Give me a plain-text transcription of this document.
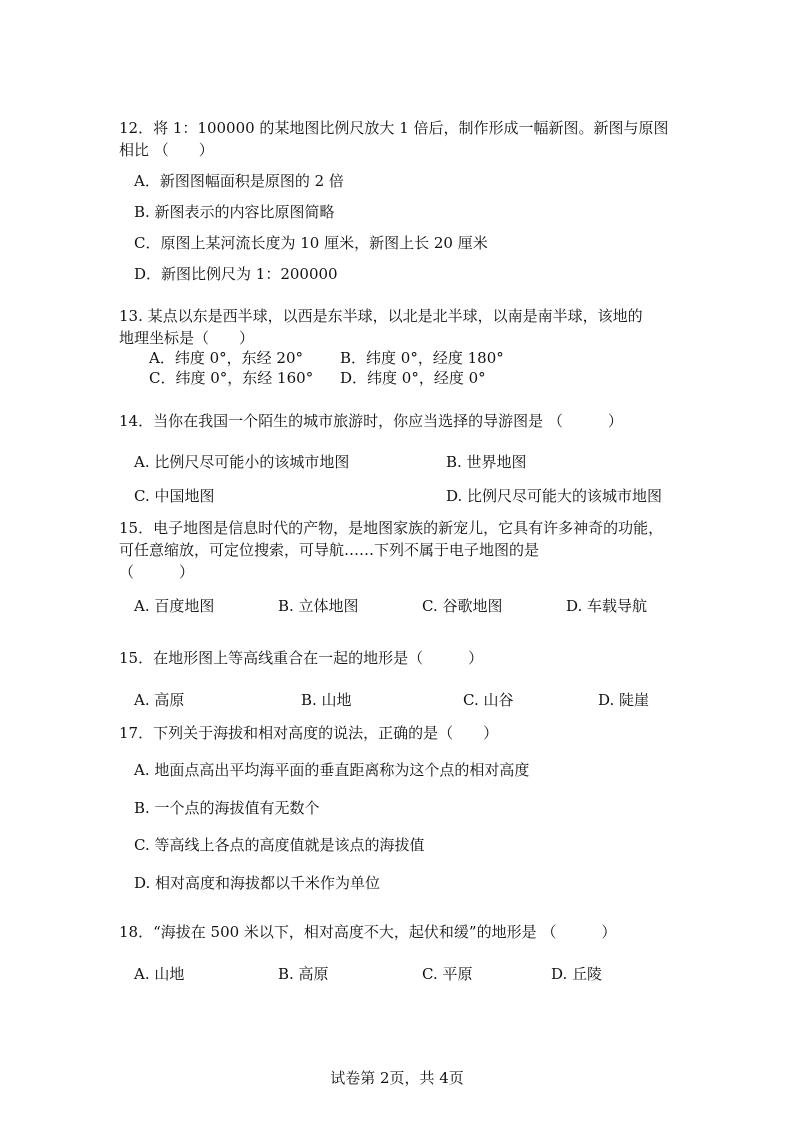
12．将 1：100000 的某地图比例尺放大 1 倍后，制作形成一幅新图。新图与原图
相比 （　　）
A．新图图幅面积是原图的 2 倍
B. 新图表示的内容比原图简略
C．原图上某河流长度为 10 厘米，新图上长 20 厘米
D．新图比例尺为 1：200000
13. 某点以东是西半球，以西是东半球，以北是北半球，以南是南半球，该地的
地理坐标是（　　）
A．纬度 0°，东经 20° B．纬度 0°，经度 180°
C．纬度 0°，东经 160° D．纬度 0°，经度 0°
14．当你在我国一个陌生的城市旅游时，你应当选择的导游图是 （　　　）
A. 比例尺尽可能小的该城市地图	B. 世界地图
C. 中国地图	D. 比例尺尽可能大的该城市地图
15．电子地图是信息时代的产物，是地图家族的新宠儿，它具有许多神奇的功能，
可任意缩放，可定位搜索，可导航……下列不属于电子地图的是
（　　　）
A. 百度地图	B. 立体地图	C. 谷歌地图	D. 车载导航
15．在地形图上等高线重合在一起的地形是（　　　）
A. 高原	B. 山地	C. 山谷	D. 陡崖
17．下列关于海拔和相对高度的说法，正确的是（　　）
A. 地面点高出平均海平面的垂直距离称为这个点的相对高度
B. 一个点的海拔值有无数个
C. 等高线上各点的高度值就是该点的海拔值
D. 相对高度和海拔都以千米作为单位
18．“海拔在 500 米以下，相对高度不大，起伏和缓”的地形是 （　　　）
A. 山地	B. 高原	C. 平原	D. 丘陵
试卷第 2页，共 4页
